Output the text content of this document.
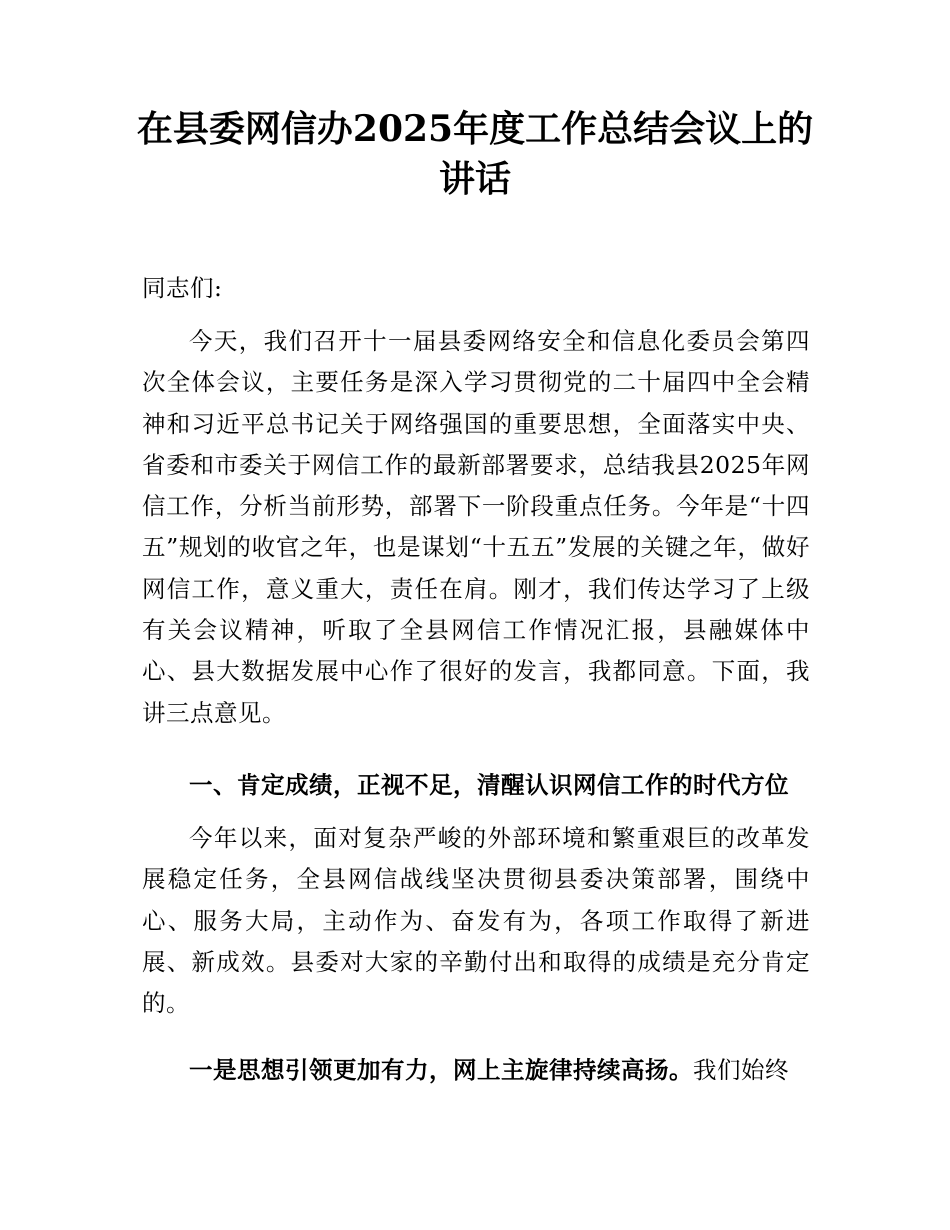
在县委网信办2025年度工作总结会议上的讲话

同志们:

今天，我们召开十一届县委网络安全和信息化委员会第四次全体会议，主要任务是深入学习贯彻党的二十届四中全会精神和习近平总书记关于网络强国的重要思想，全面落实中央、省委和市委关于网信工作的最新部署要求，总结我县2025年网信工作，分析当前形势，部署下一阶段重点任务。今年是“十四五”规划的收官之年，也是谋划“十五五”发展的关键之年，做好网信工作，意义重大，责任在肩。刚才，我们传达学习了上级有关会议精神，听取了全县网信工作情况汇报，县融媒体中心、县大数据发展中心作了很好的发言，我都同意。下面，我讲三点意见。

一、肯定成绩，正视不足，清醒认识网信工作的时代方位

今年以来，面对复杂严峻的外部环境和繁重艰巨的改革发展稳定任务，全县网信战线坚决贯彻县委决策部署，围绕中心、服务大局，主动作为、奋发有为，各项工作取得了新进展、新成效。县委对大家的辛勤付出和取得的成绩是充分肯定的。

一是思想引领更加有力，网上主旋律持续高扬。我们始终
